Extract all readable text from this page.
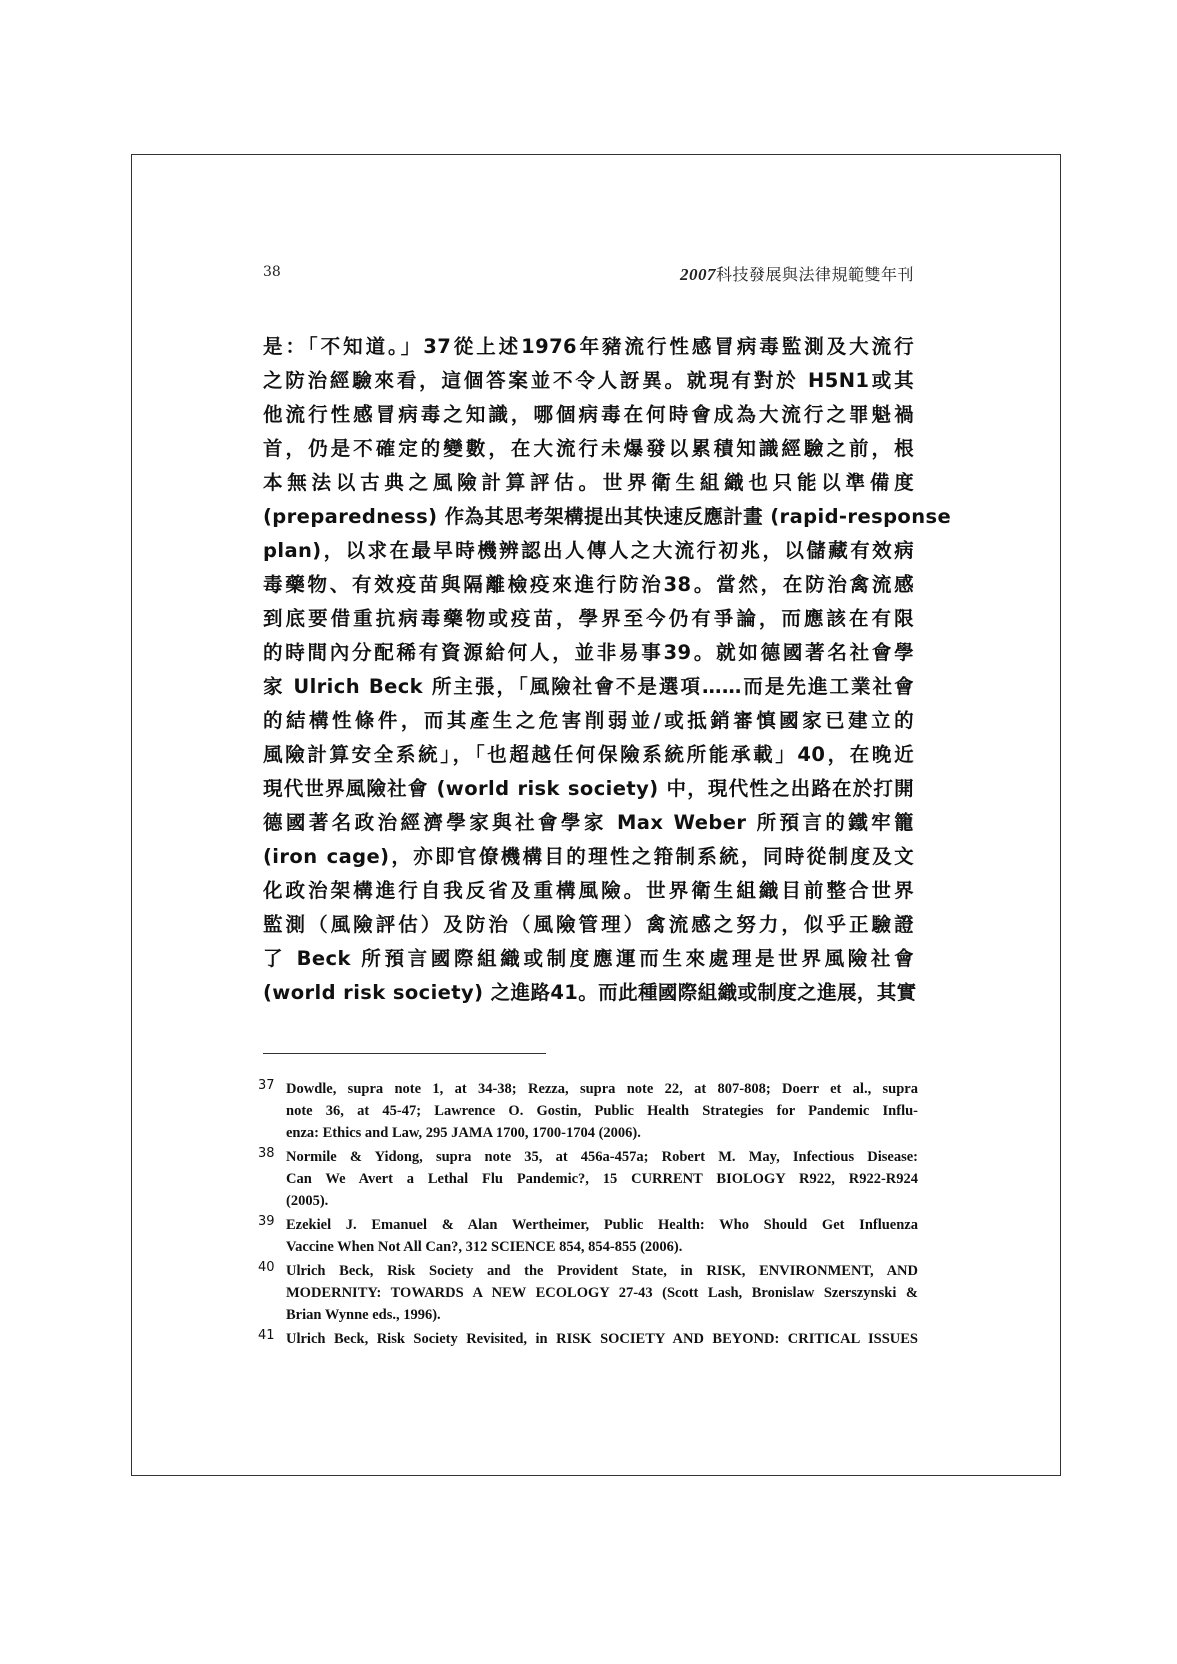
38	2007科技發展與法律規範雙年刊
是：「不知道。」37從上述1976年豬流行性感冒病毒監測及大流行
之防治經驗來看，這個答案並不令人訝異。就現有對於 H5N1或其
他流行性感冒病毒之知識，哪個病毒在何時會成為大流行之罪魁禍
首，仍是不確定的變數，在大流行未爆發以累積知識經驗之前，根
本無法以古典之風險計算評估。世界衛生組織也只能以準備度
(preparedness) 作為其思考架構提出其快速反應計畫 (rapid-response
plan)，以求在最早時機辨認出人傳人之大流行初兆，以儲藏有效病
毒藥物、有效疫苗與隔離檢疫來進行防治38。當然，在防治禽流感
到底要借重抗病毒藥物或疫苗，學界至今仍有爭論，而應該在有限
的時間內分配稀有資源給何人，並非易事39。就如德國著名社會學
家 Ulrich Beck 所主張，「風險社會不是選項……而是先進工業社會
的結構性條件，而其產生之危害削弱並/或抵銷審慎國家已建立的
風險計算安全系統」，「也超越任何保險系統所能承載」40，在晚近
現代世界風險社會 (world risk society) 中，現代性之出路在於打開
德國著名政治經濟學家與社會學家 Max Weber 所預言的鐵牢籠
(iron cage)，亦即官僚機構目的理性之箝制系統，同時從制度及文
化政治架構進行自我反省及重構風險。世界衛生組織目前整合世界
監測（風險評估）及防治（風險管理）禽流感之努力，似乎正驗證
了 Beck 所預言國際組織或制度應運而生來處理是世界風險社會
(world risk society) 之進路41。而此種國際組織或制度之進展，其實
37 Dowdle, supra note 1, at 34-38; Rezza, supra note 22, at 807-808; Doerr et al., supra
note 36, at 45-47; Lawrence O. Gostin, Public Health Strategies for Pandemic Influ-
enza: Ethics and Law, 295 JAMA 1700, 1700-1704 (2006).
38 Normile & Yidong, supra note 35, at 456a-457a; Robert M. May, Infectious Disease:
Can We Avert a Lethal Flu Pandemic?, 15 CURRENT BIOLOGY R922, R922-R924
(2005).
39 Ezekiel J. Emanuel & Alan Wertheimer, Public Health: Who Should Get Influenza
Vaccine When Not All Can?, 312 SCIENCE 854, 854-855 (2006).
40 Ulrich Beck, Risk Society and the Provident State, in RISK, ENVIRONMENT, AND
MODERNITY: TOWARDS A NEW ECOLOGY 27-43 (Scott Lash, Bronislaw Szerszynski &
Brian Wynne eds., 1996).
41 Ulrich Beck, Risk Society Revisited, in RISK SOCIETY AND BEYOND: CRITICAL ISSUES
